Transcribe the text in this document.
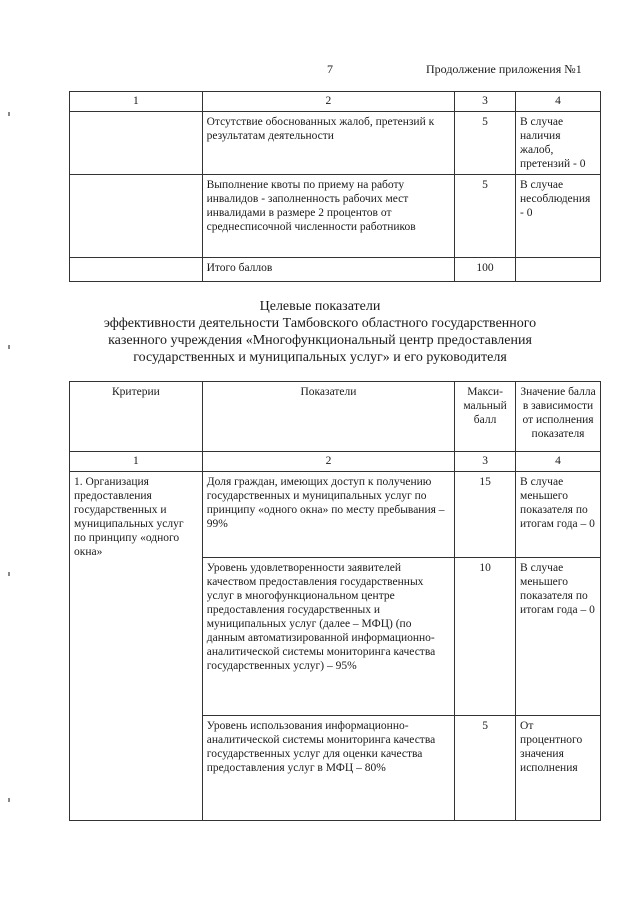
7	Продолжение приложения №1
1	2	3	4
	Отсутствие обоснованных жалоб, претензий к результатам деятельности	5	В случае наличия жалоб, претензий - 0
	Выполнение квоты по приему на работу инвалидов - заполненность рабочих мест инвалидами в размере 2 процентов от среднесписочной численности работников	5	В случае несоблюдения - 0
	Итого баллов	100	
Целевые показатели
эффективности деятельности Тамбовского областного государственного
казенного учреждения «Многофункциональный центр предоставления
государственных и муниципальных услуг» и его руководителя
Критерии	Показатели	Макси-мальный балл	Значение балла в зависимости от исполнения показателя
1	2	3	4
1. Организация предоставления государственных и муниципальных услуг по принципу «одного окна»	Доля граждан, имеющих доступ к получению государственных и муниципальных услуг по принципу «одного окна» по месту пребывания – 99%	15	В случае меньшего показателя по итогам года – 0
	Уровень удовлетворенности заявителей качеством предоставления государственных услуг в многофункциональном центре предоставления государственных и муниципальных услуг (далее – МФЦ) (по данным автоматизированной информационно-аналитической системы мониторинга качества государственных услуг) – 95%	10	В случае меньшего показателя по итогам года – 0
	Уровень использования информационно-аналитической системы мониторинга качества государственных услуг для оценки качества предоставления услуг в МФЦ – 80%	5	От процентного значения исполнения
